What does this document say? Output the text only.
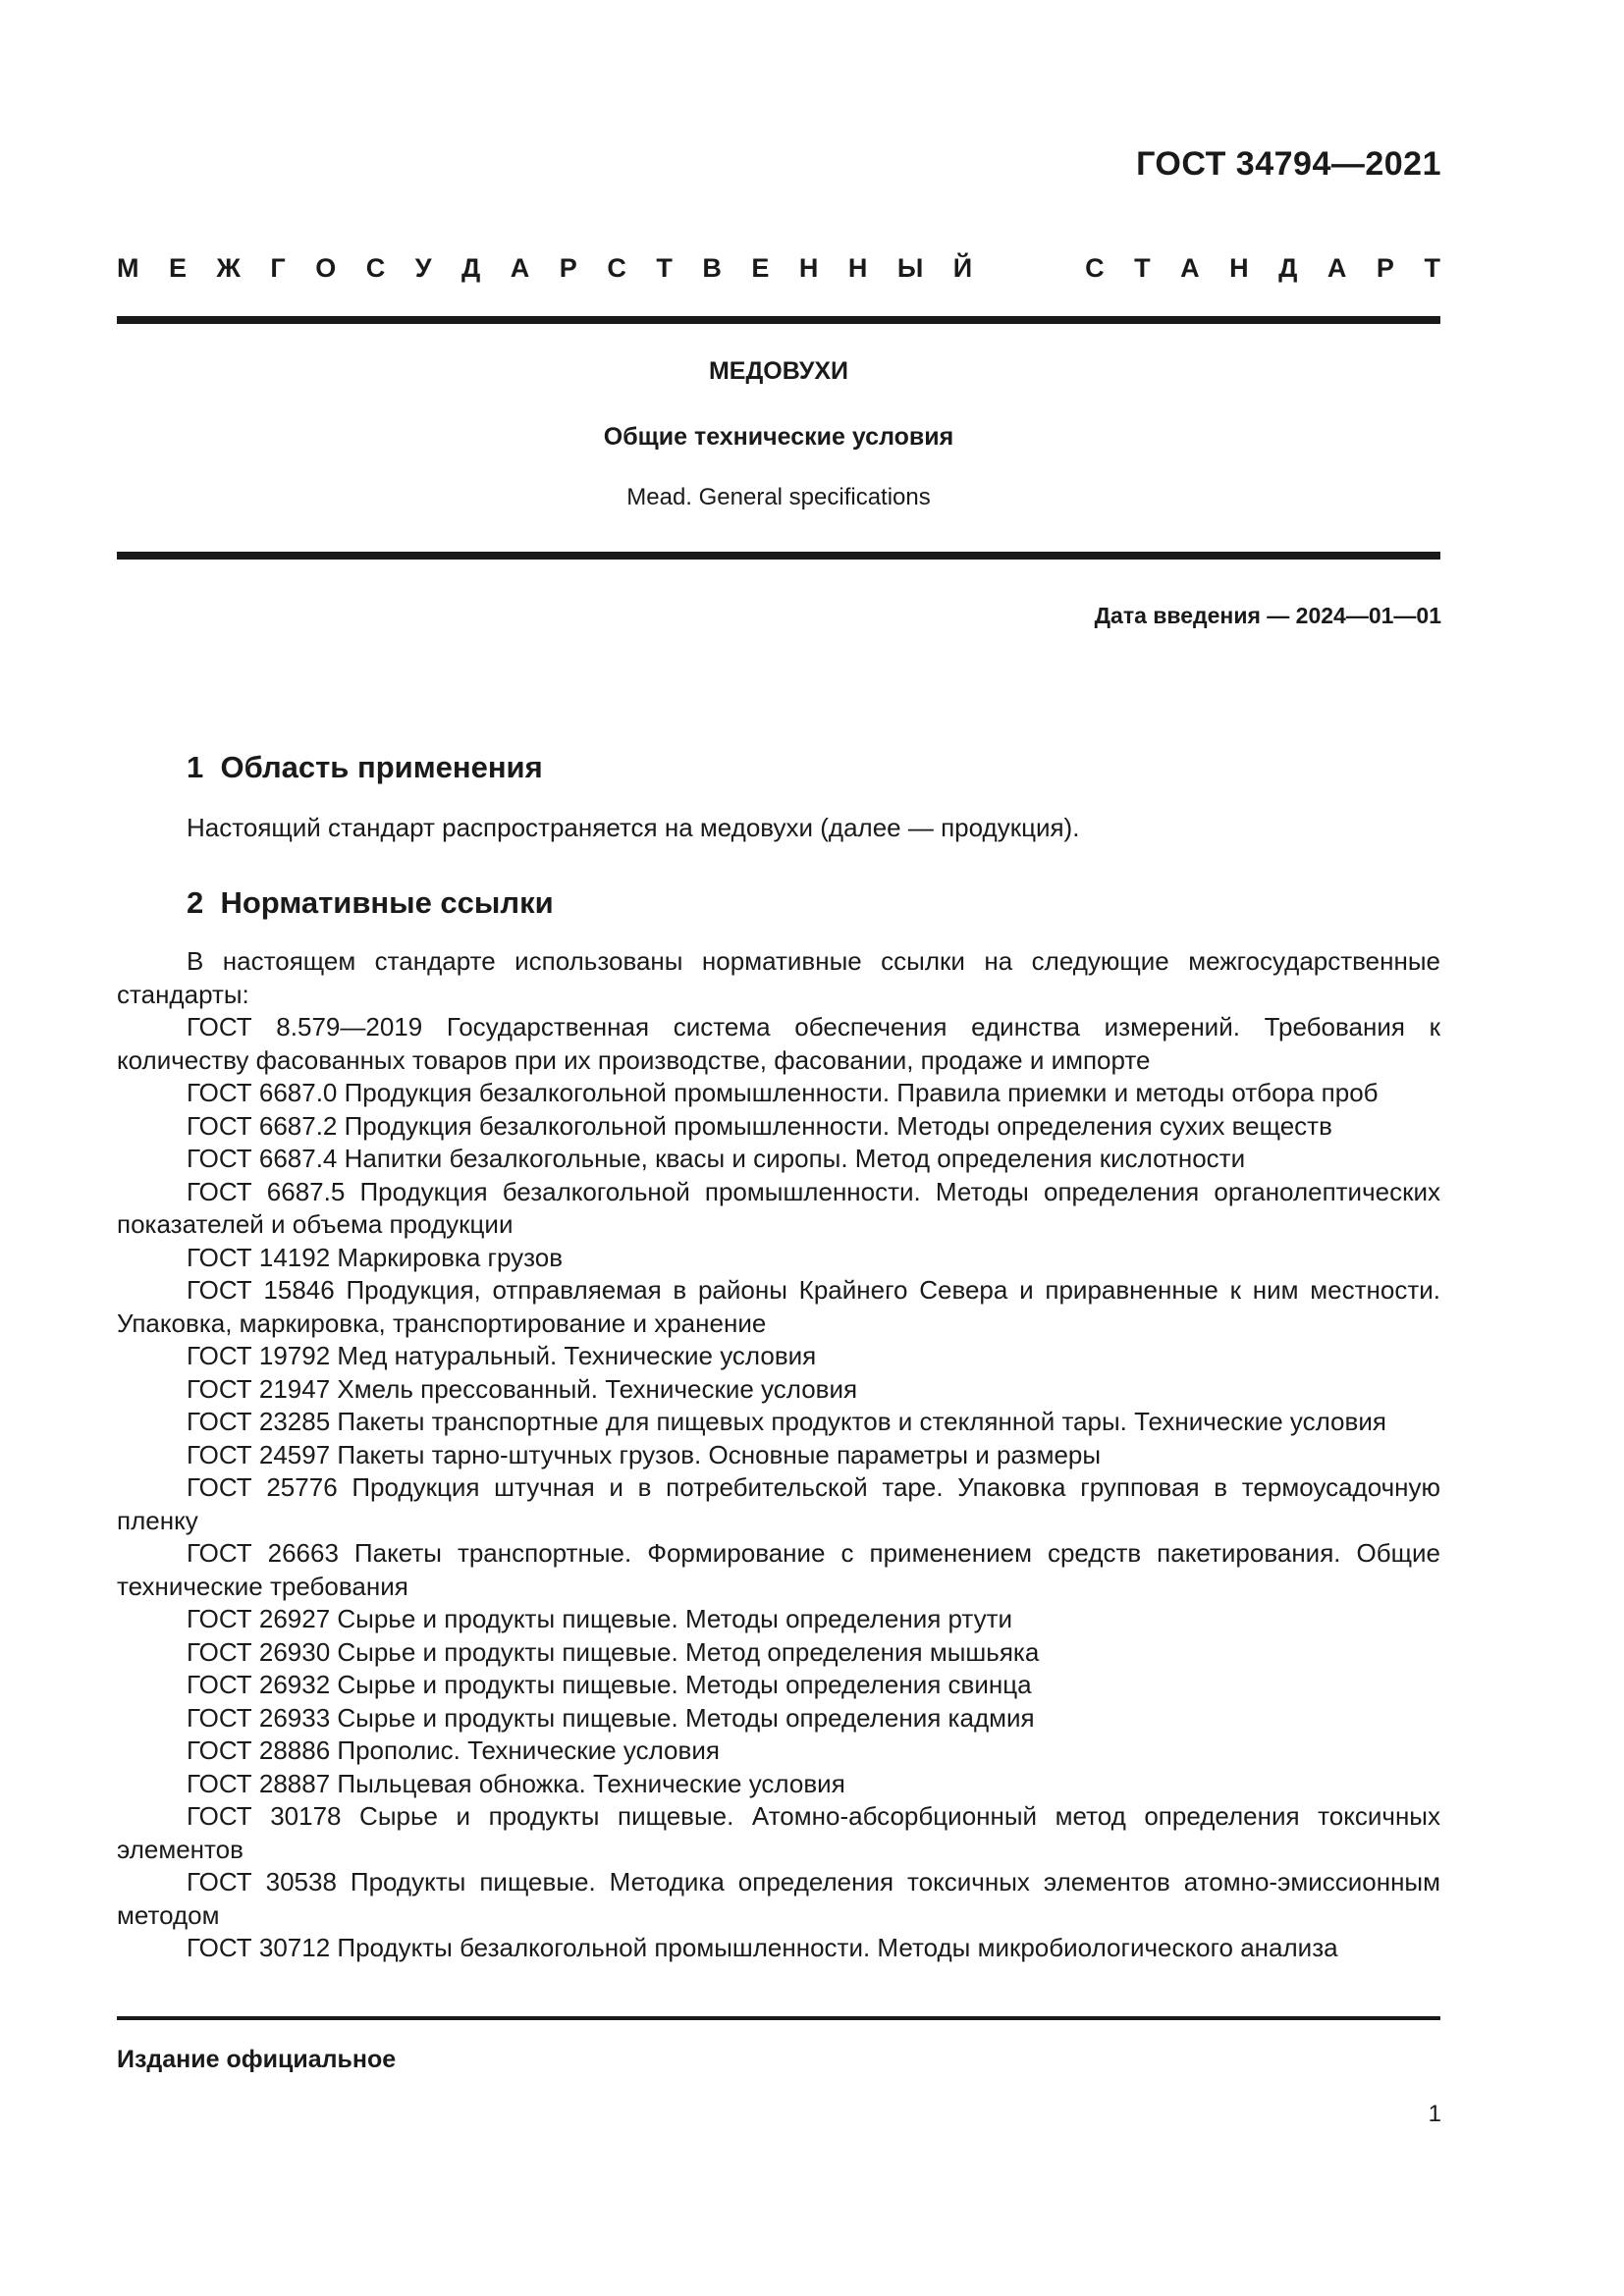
ГОСТ 34794—2021
М Е Ж Г О С У Д А Р С Т В Е Н Н Ы Й	С Т А Н Д А Р Т
МЕДОВУХИ
Общие технические условия
Mead. General specifications
Дата введения — 2024—01—01
1  Область применения
Настоящий стандарт распространяется на медовухи (далее — продукция).
2  Нормативные ссылки

В настоящем стандарте использованы нормативные ссылки на следующие межгосударственные стандарты:

ГОСТ 8.579—2019 Государственная система обеспечения единства измерений. Требования к количеству фасованных товаров при их производстве, фасовании, продаже и импорте

ГОСТ 6687.0 Продукция безалкогольной промышленности. Правила приемки и методы отбора проб

ГОСТ 6687.2 Продукция безалкогольной промышленности. Методы определения сухих веществ

ГОСТ 6687.4 Напитки безалкогольные, квасы и сиропы. Метод определения кислотности

ГОСТ 6687.5 Продукция безалкогольной промышленности. Методы определения органолептических показателей и объема продукции

ГОСТ 14192 Маркировка грузов

ГОСТ 15846 Продукция, отправляемая в районы Крайнего Севера и приравненные к ним местности. Упаковка, маркировка, транспортирование и хранение

ГОСТ 19792 Мед натуральный. Технические условия

ГОСТ 21947 Хмель прессованный. Технические условия

ГОСТ 23285 Пакеты транспортные для пищевых продуктов и стеклянной тары. Технические условия

ГОСТ 24597 Пакеты тарно-штучных грузов. Основные параметры и размеры

ГОСТ 25776 Продукция штучная и в потребительской таре. Упаковка групповая в термоусадочную пленку

ГОСТ 26663 Пакеты транспортные. Формирование с применением средств пакетирования. Общие технические требования

ГОСТ 26927 Сырье и продукты пищевые. Методы определения ртути

ГОСТ 26930 Сырье и продукты пищевые. Метод определения мышьяка

ГОСТ 26932 Сырье и продукты пищевые. Методы определения свинца

ГОСТ 26933 Сырье и продукты пищевые. Методы определения кадмия

ГОСТ 28886 Прополис. Технические условия

ГОСТ 28887 Пыльцевая обножка. Технические условия

ГОСТ 30178 Сырье и продукты пищевые. Атомно-абсорбционный метод определения токсичных элементов

ГОСТ 30538 Продукты пищевые. Методика определения токсичных элементов атомно-эмиссионным методом

ГОСТ 30712 Продукты безалкогольной промышленности. Методы микробиологического анализа

Издание официальное
1
